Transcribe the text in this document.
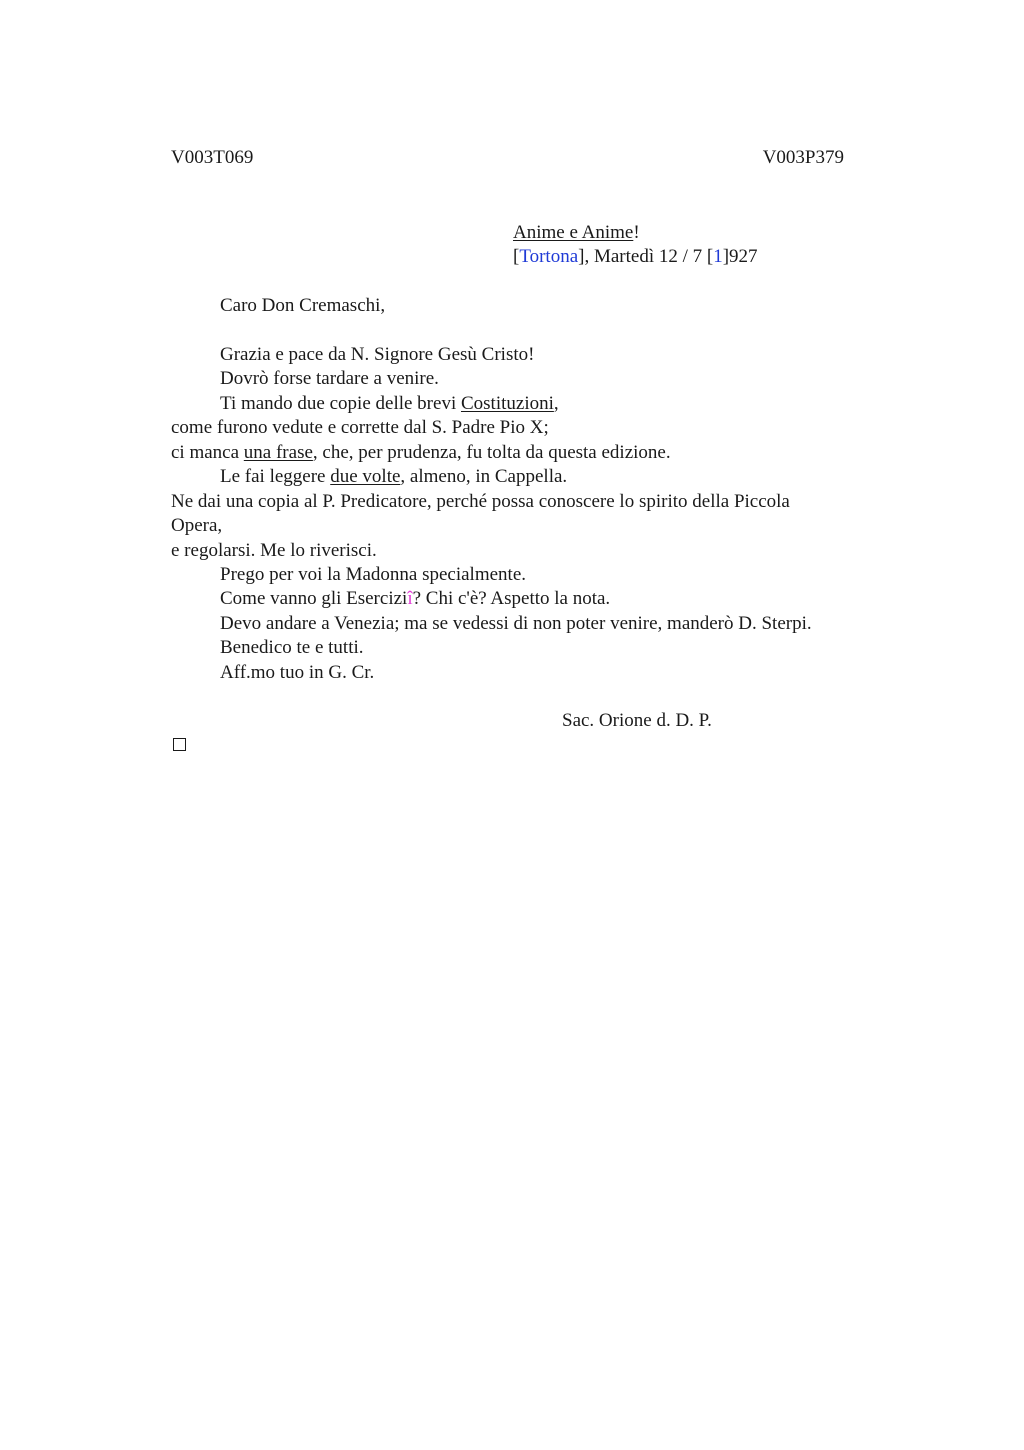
V003T069	V003P379
Anime e Anime!
[Tortona], Martedì 12 / 7 [1]927
Caro Don Cremaschi,
Grazia e pace da N. Signore Gesù Cristo!
Dovrò forse tardare a venire.
Ti mando due copie delle brevi Costituzioni,
come furono vedute e corrette dal S. Padre Pio X;
ci manca una frase, che, per prudenza, fu tolta da questa edizione.
Le fai leggere due volte, almeno, in Cappella.
Ne dai una copia al P. Predicatore, perché possa conoscere lo spirito della Piccola
Opera,
e regolarsi. Me lo riverisci.
Prego per voi la Madonna specialmente.
Come vanno gli Eserciziî? Chi c'è? Aspetto la nota.
Devo andare a Venezia; ma se vedessi di non poter venire, manderò D. Sterpi.
Benedico te e tutti.
Aff.mo tuo in G. Cr.
Sac. Orione d. D. P.
